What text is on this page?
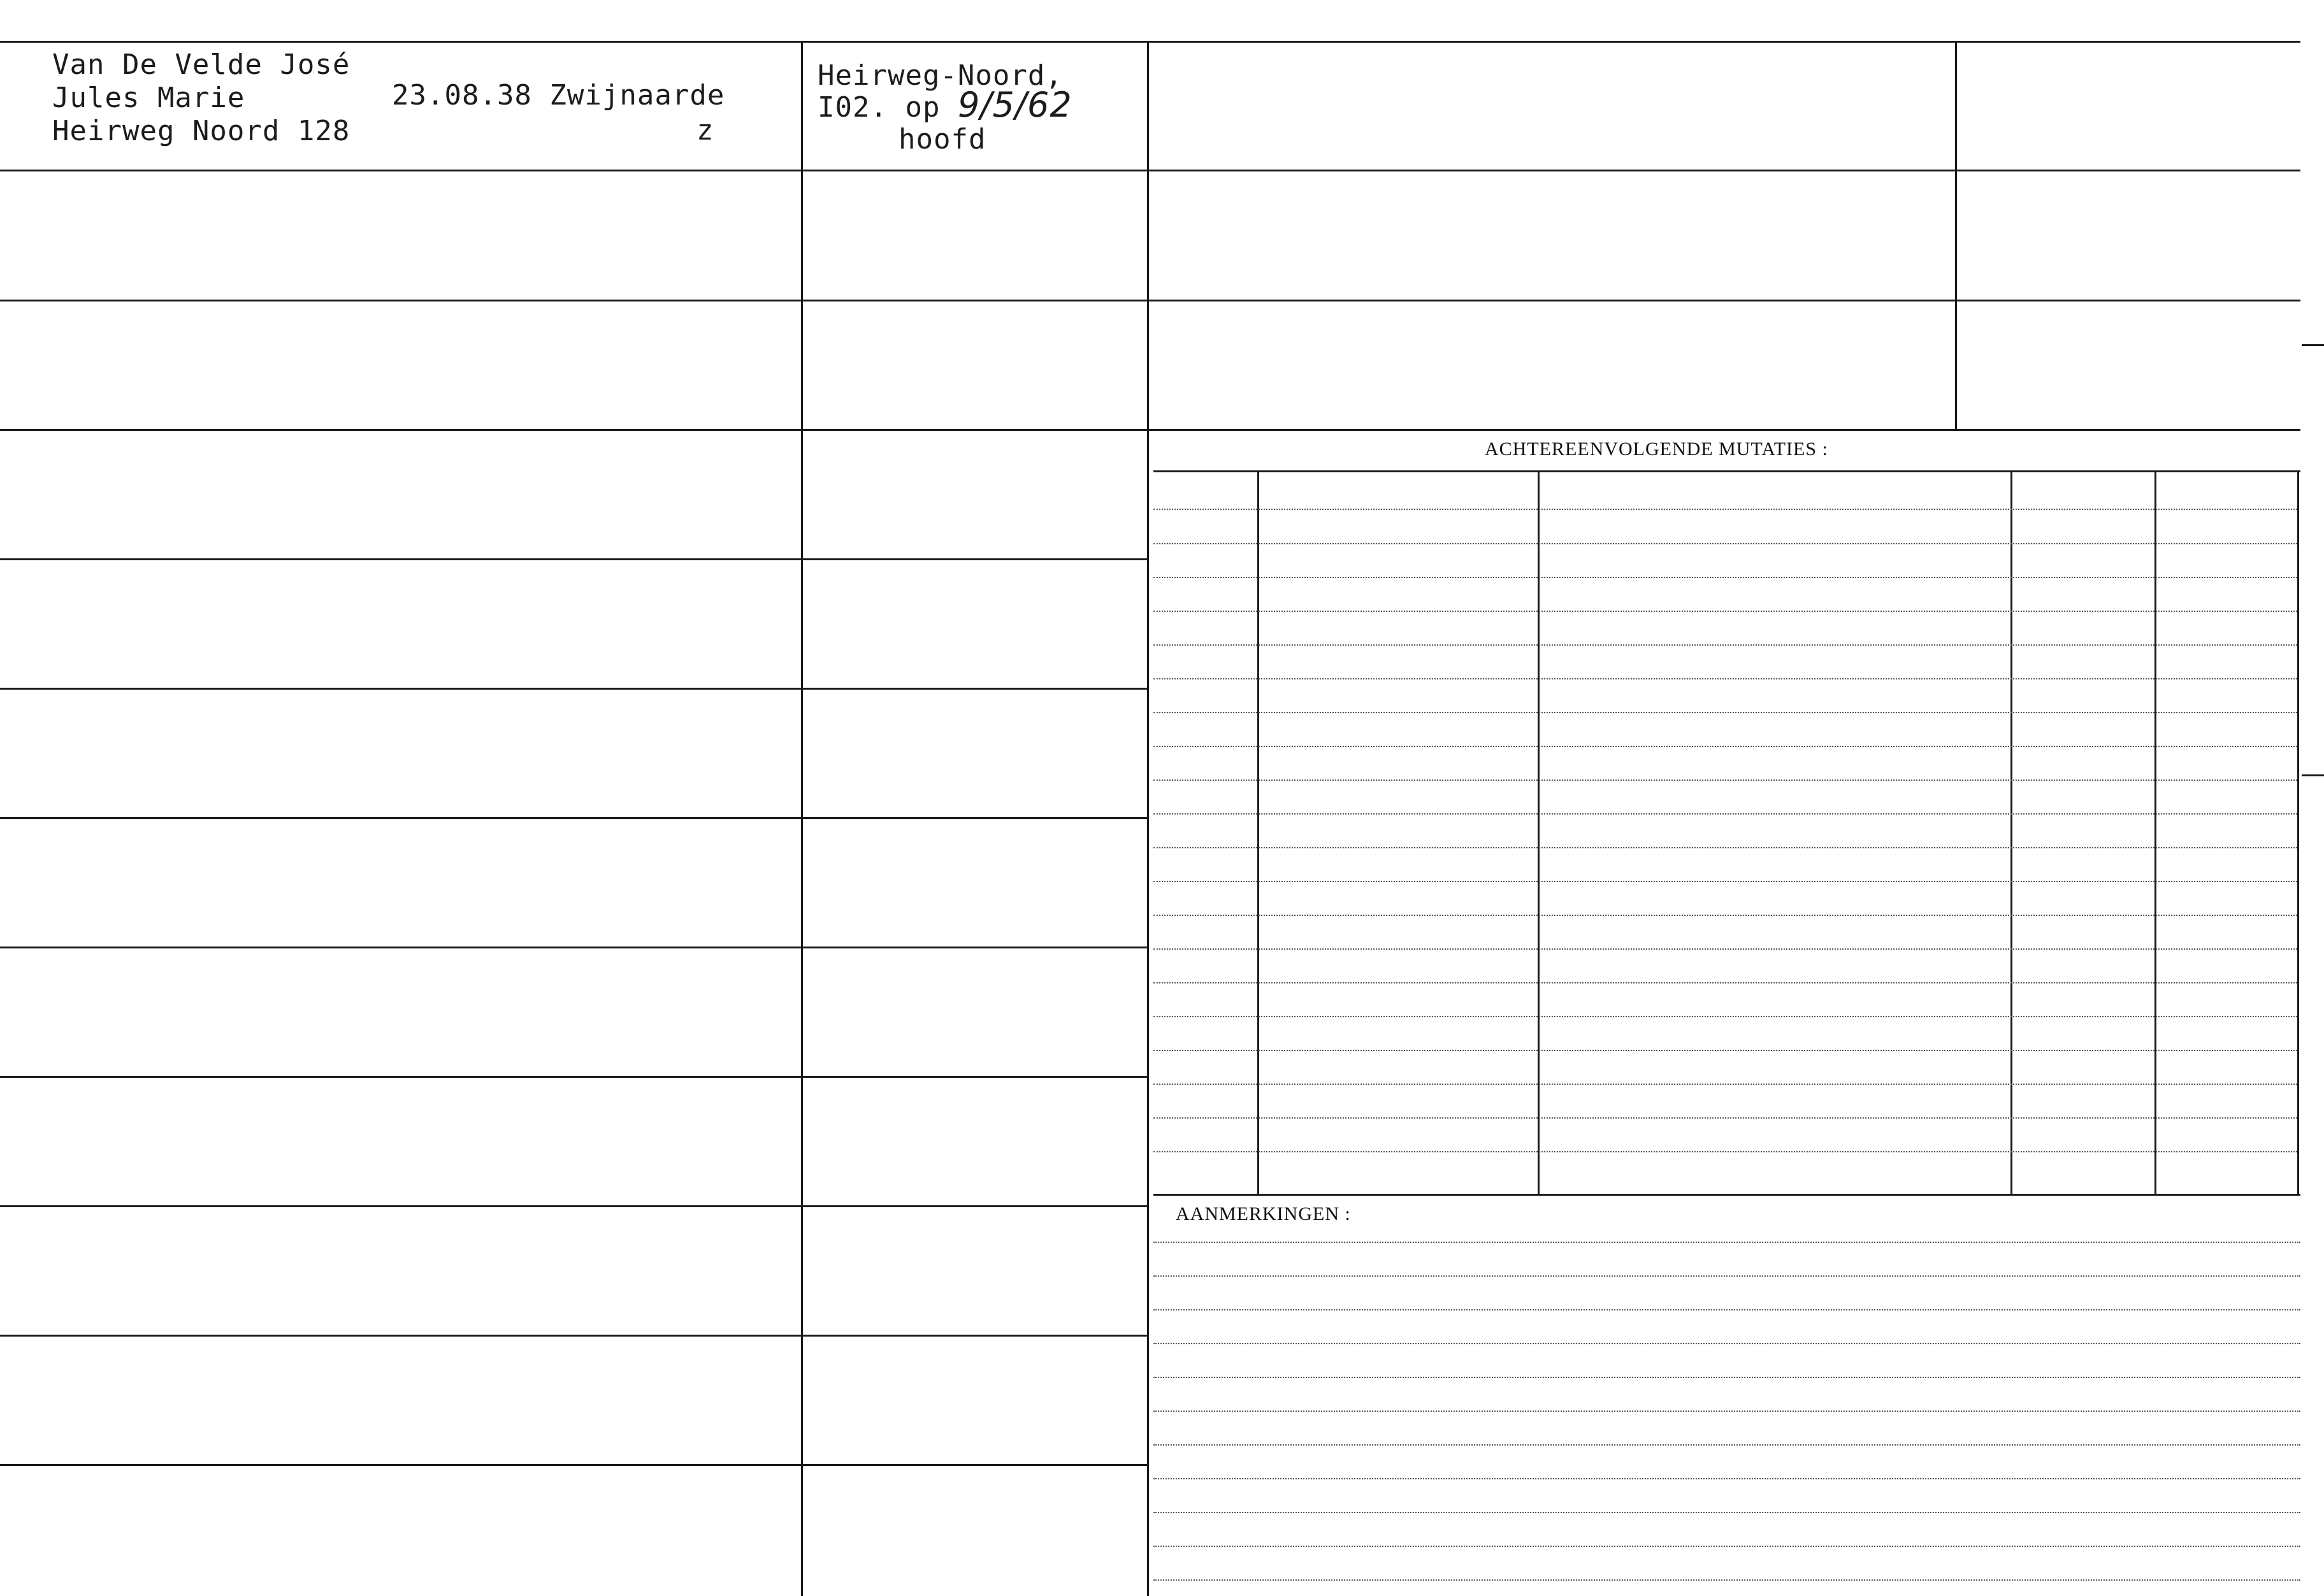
ACHTEREENVOLGENDE MUTATIES :
AANMERKINGEN :
Van De Velde José
Jules Marie
Heirweg Noord 128
23.08.38 Zwijnaarde
z
Heirweg-Noord,
I02. op 9/5/62
hoofd
